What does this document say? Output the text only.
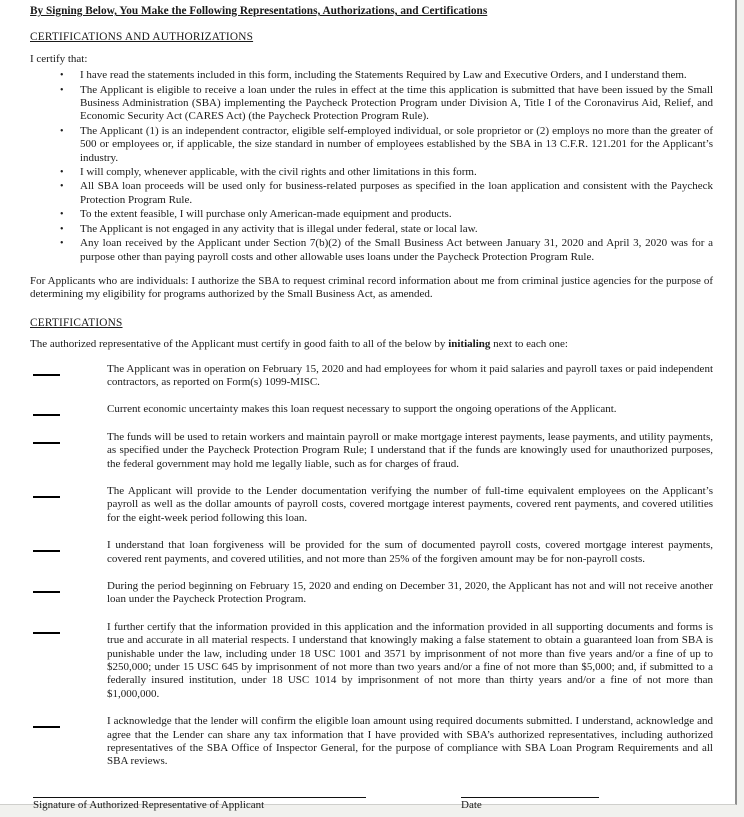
By Signing Below, You Make the Following Representations, Authorizations, and Certifications
CERTIFICATIONS AND AUTHORIZATIONS

I certify that:

•	I have read the statements included in this form, including the Statements Required by Law and Executive Orders, and I understand them.
•	The Applicant is eligible to receive a loan under the rules in effect at the time this application is submitted that have been issued by the Small Business Administration (SBA) implementing the Paycheck Protection Program under Division A, Title I of the Coronavirus Aid, Relief, and Economic Security Act (CARES Act) (the Paycheck Protection Program Rule).
•	The Applicant (1) is an independent contractor, eligible self-employed individual, or sole proprietor or (2) employs no more than the greater of 500 or employees or, if applicable, the size standard in number of employees established by the SBA in 13 C.F.R. 121.201 for the Applicant’s industry.
•	I will comply, whenever applicable, with the civil rights and other limitations in this form.
•	All SBA loan proceeds will be used only for business-related purposes as specified in the loan application and consistent with the Paycheck Protection Program Rule.
•	To the extent feasible, I will purchase only American-made equipment and products.
•	The Applicant is not engaged in any activity that is illegal under federal, state or local law.
•	Any loan received by the Applicant under Section 7(b)(2) of the Small Business Act between January 31, 2020 and April 3, 2020 was for a purpose other than paying payroll costs and other allowable uses loans under the Paycheck Protection Program Rule.

For Applicants who are individuals: I authorize the SBA to request criminal record information about me from criminal justice agencies for the purpose of determining my eligibility for programs authorized by the Small Business Act, as amended.

CERTIFICATIONS

The authorized representative of the Applicant must certify in good faith to all of the below by initialing next to each one:

The Applicant was in operation on February 15, 2020 and had employees for whom it paid salaries and payroll taxes or paid independent contractors, as reported on Form(s) 1099-MISC.
Current economic uncertainty makes this loan request necessary to support the ongoing operations of the Applicant.
The funds will be used to retain workers and maintain payroll or make mortgage interest payments, lease payments, and utility payments, as specified under the Paycheck Protection Program Rule; I understand that if the funds are knowingly used for unauthorized purposes, the federal government may hold me legally liable, such as for charges of fraud.
The Applicant will provide to the Lender documentation verifying the number of full-time equivalent employees on the Applicant’s payroll as well as the dollar amounts of payroll costs, covered mortgage interest payments, covered rent payments, and covered utilities for the eight-week period following this loan.
I understand that loan forgiveness will be provided for the sum of documented payroll costs, covered mortgage interest payments, covered rent payments, and covered utilities, and not more than 25% of the forgiven amount may be for non-payroll costs.
During the period beginning on February 15, 2020 and ending on December 31, 2020, the Applicant has not and will not receive another loan under the Paycheck Protection Program.
I further certify that the information provided in this application and the information provided in all supporting documents and forms is true and accurate in all material respects. I understand that knowingly making a false statement to obtain a guaranteed loan from SBA is punishable under the law, including under 18 USC 1001 and 3571 by imprisonment of not more than five years and/or a fine of up to $250,000; under 15 USC 645 by imprisonment of not more than two years and/or a fine of not more than $5,000; and, if submitted to a federally insured institution, under 18 USC 1014 by imprisonment of not more than thirty years and/or a fine of not more than $1,000,000.
I acknowledge that the lender will confirm the eligible loan amount using required documents submitted. I understand, acknowledge and agree that the Lender can share any tax information that I have provided with SBA’s authorized representatives, including authorized representatives of the SBA Office of Inspector General, for the purpose of compliance with SBA Loan Program Requirements and all SBA reviews.
Signature of Authorized Representative of Applicant	Date
